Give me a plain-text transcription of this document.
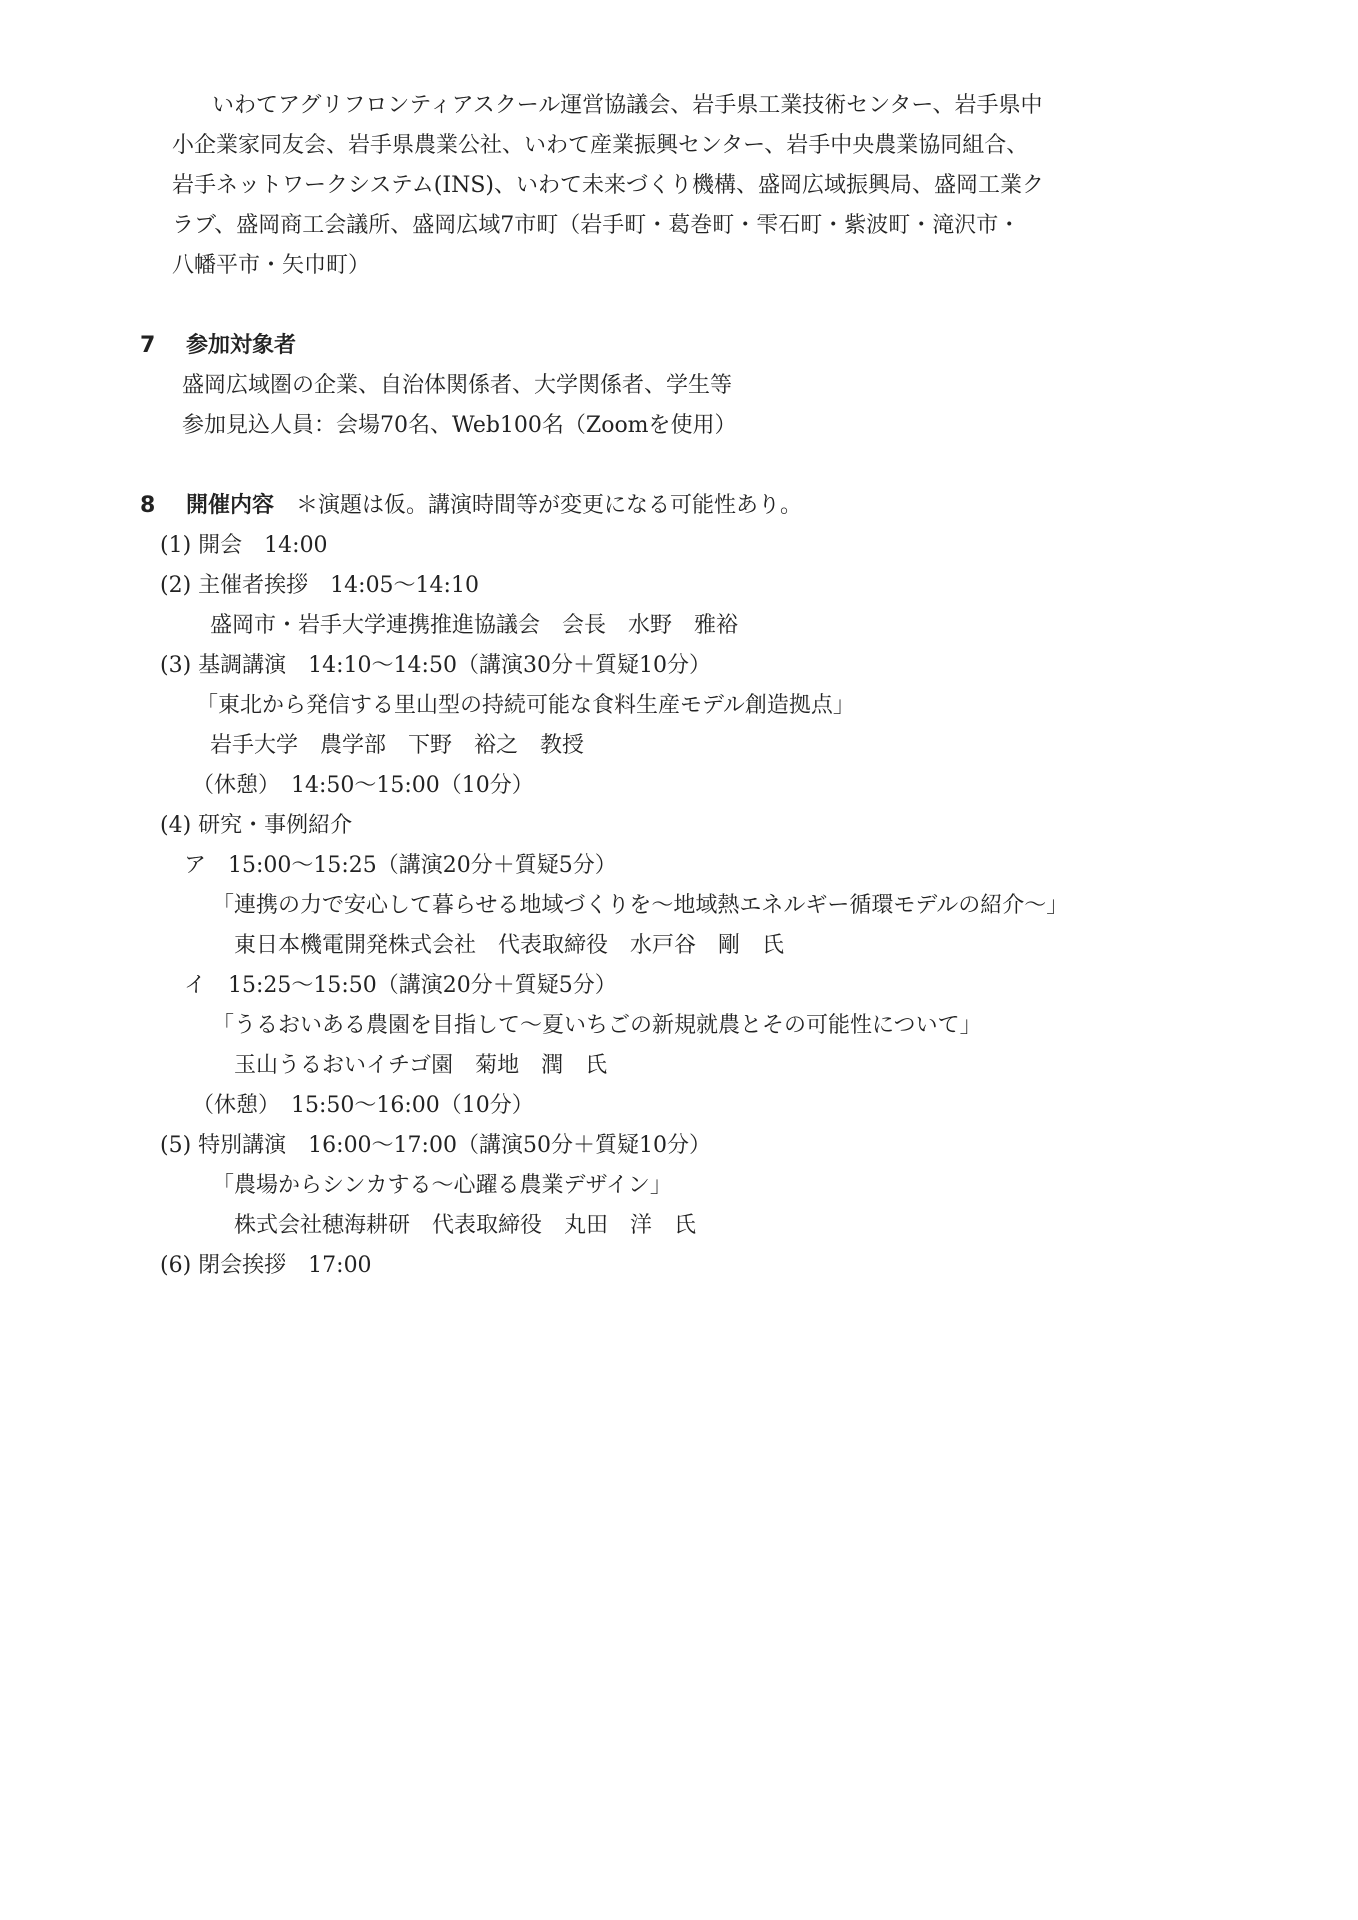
いわてアグリフロンティアスクール運営協議会、岩手県工業技術センター、岩手県中
小企業家同友会、岩手県農業公社、いわて産業振興センター、岩手中央農業協同組合、
岩手ネットワークシステム(INS)、いわて未来づくり機構、盛岡広域振興局、盛岡工業ク
ラブ、盛岡商工会議所、盛岡広域7市町（岩手町・葛巻町・雫石町・紫波町・滝沢市・
八幡平市・矢巾町）
7 参加対象者
盛岡広域圏の企業、自治体関係者、大学関係者、学生等
参加見込人員：会場70名、Web100名（Zoomを使用）
8 開催内容 ＊演題は仮。講演時間等が変更になる可能性あり。
(1) 開会　14:00
(2) 主催者挨拶　14:05～14:10
盛岡市・岩手大学連携推進協議会　会長　水野　雅裕
(3) 基調講演　14:10～14:50（講演30分＋質疑10分）
「東北から発信する里山型の持続可能な食料生産モデル創造拠点」
岩手大学　農学部　下野　裕之　教授
（休憩）　14:50～15:00（10分）
(4) 研究・事例紹介
ア　15:00～15:25（講演20分＋質疑5分）
「連携の力で安心して暮らせる地域づくりを～地域熱エネルギー循環モデルの紹介～」
東日本機電開発株式会社　代表取締役　水戸谷　剛　氏
イ　15:25～15:50（講演20分＋質疑5分）
「うるおいある農園を目指して～夏いちごの新規就農とその可能性について」
玉山うるおいイチゴ園　菊地　潤　氏
（休憩）　15:50～16:00（10分）
(5) 特別講演　16:00～17:00（講演50分＋質疑10分）
「農場からシンカする～心躍る農業デザイン」
株式会社穂海耕研　代表取締役　丸田　洋　氏
(6) 閉会挨拶　17:00
